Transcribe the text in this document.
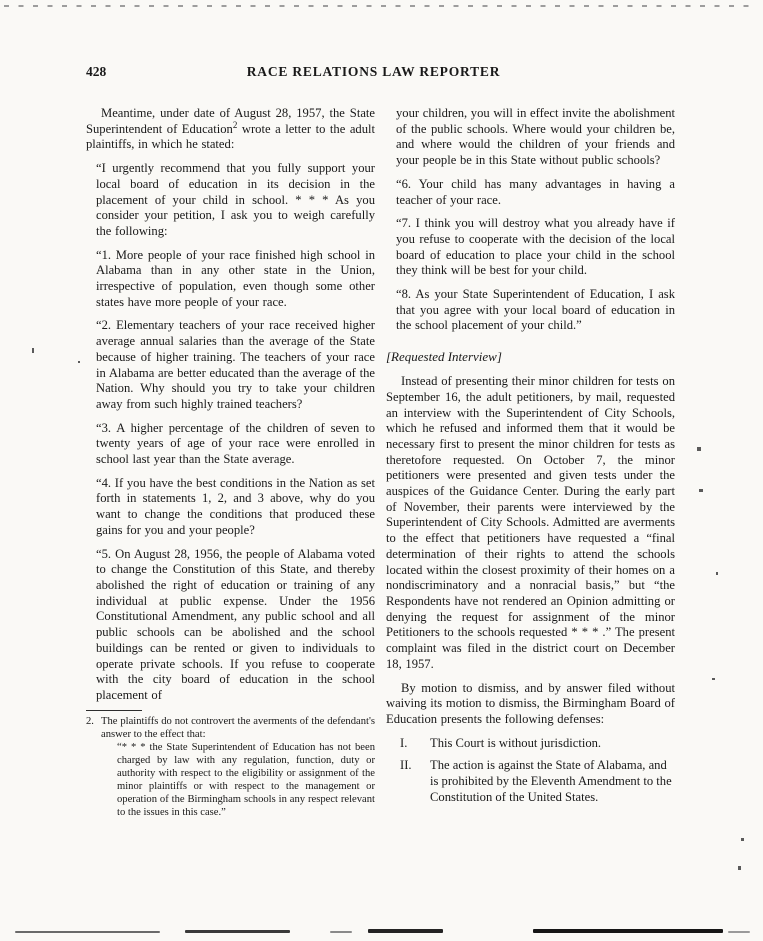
428	RACE RELATIONS LAW REPORTER

Meantime, under date of August 28, 1957, the State Superintendent of Education$^2$ wrote a letter to the adult plaintiffs, in which he stated:

“I urgently recommend that you fully support your local board of education in its decision in the placement of your child in school. * * * As you consider your petition, I ask you to weigh carefully the following:

“1. More people of your race finished high school in Alabama than in any other state in the Union, irrespective of population, even though some other states have more people of your race.

“2. Elementary teachers of your race received higher average annual salaries than the average of the State because of higher training. The teachers of your race in Alabama are better educated than the average of the Nation. Why should you try to take your children away from such highly trained teachers?

“3. A higher percentage of the children of seven to twenty years of age of your race were enrolled in school last year than the State average.

“4. If you have the best conditions in the Nation as set forth in statements 1, 2, and 3 above, why do you want to change the conditions that produced these gains for you and your people?

“5. On August 28, 1956, the people of Alabama voted to change the Constitution of this State, and thereby abolished the right of education or training of any individual at public expense. Under the 1956 Constitutional Amendment, any public school and all public schools can be abolished and the school buildings can be rented or given to individuals to operate private schools. If you refuse to cooperate with the city board of education in the school placement of

2. The plaintiffs do not controvert the averments of the defendant's answer to the effect that:
“* * * the State Superintendent of Education has not been charged by law with any regulation, function, duty or authority with respect to the eligibility or assignment of the minor plaintiffs or with respect to the management or operation of the Birmingham schools in any respect relevant to the issues in this case.”

your children, you will in effect invite the abolishment of the public schools. Where would your children be, and where would the children of your friends and your people be in this State without public schools?

“6. Your child has many advantages in having a teacher of your race.

“7. I think you will destroy what you already have if you refuse to cooperate with the decision of the local board of education to place your child in the school they think will be best for your child.

“8. As your State Superintendent of Education, I ask that you agree with your local board of education in the school placement of your child.”

[Requested Interview]

Instead of presenting their minor children for tests on September 16, the adult petitioners, by mail, requested an interview with the Superintendent of City Schools, which he refused and informed them that it would be necessary first to present the minor children for tests as theretofore requested. On October 7, the minor petitioners were presented and given tests under the auspices of the Guidance Center. During the early part of November, their parents were interviewed by the Superintendent of City Schools. Admitted are averments to the effect that petitioners have requested a “final determination of their rights to attend the schools located within the closest proximity of their homes on a nondiscriminatory and a nonracial basis,” but “the Respondents have not rendered an Opinion admitting or denying the request for assignment of the minor Petitioners to the schools requested * * * .” The present complaint was filed in the district court on December 18, 1957.

By motion to dismiss, and by answer filed without waiving its motion to dismiss, the Birmingham Board of Education presents the following defenses:

I.	This Court is without jurisdiction.
II.	The action is against the State of Alabama, and is prohibited by the Eleventh Amendment to the Constitution of the United States.
